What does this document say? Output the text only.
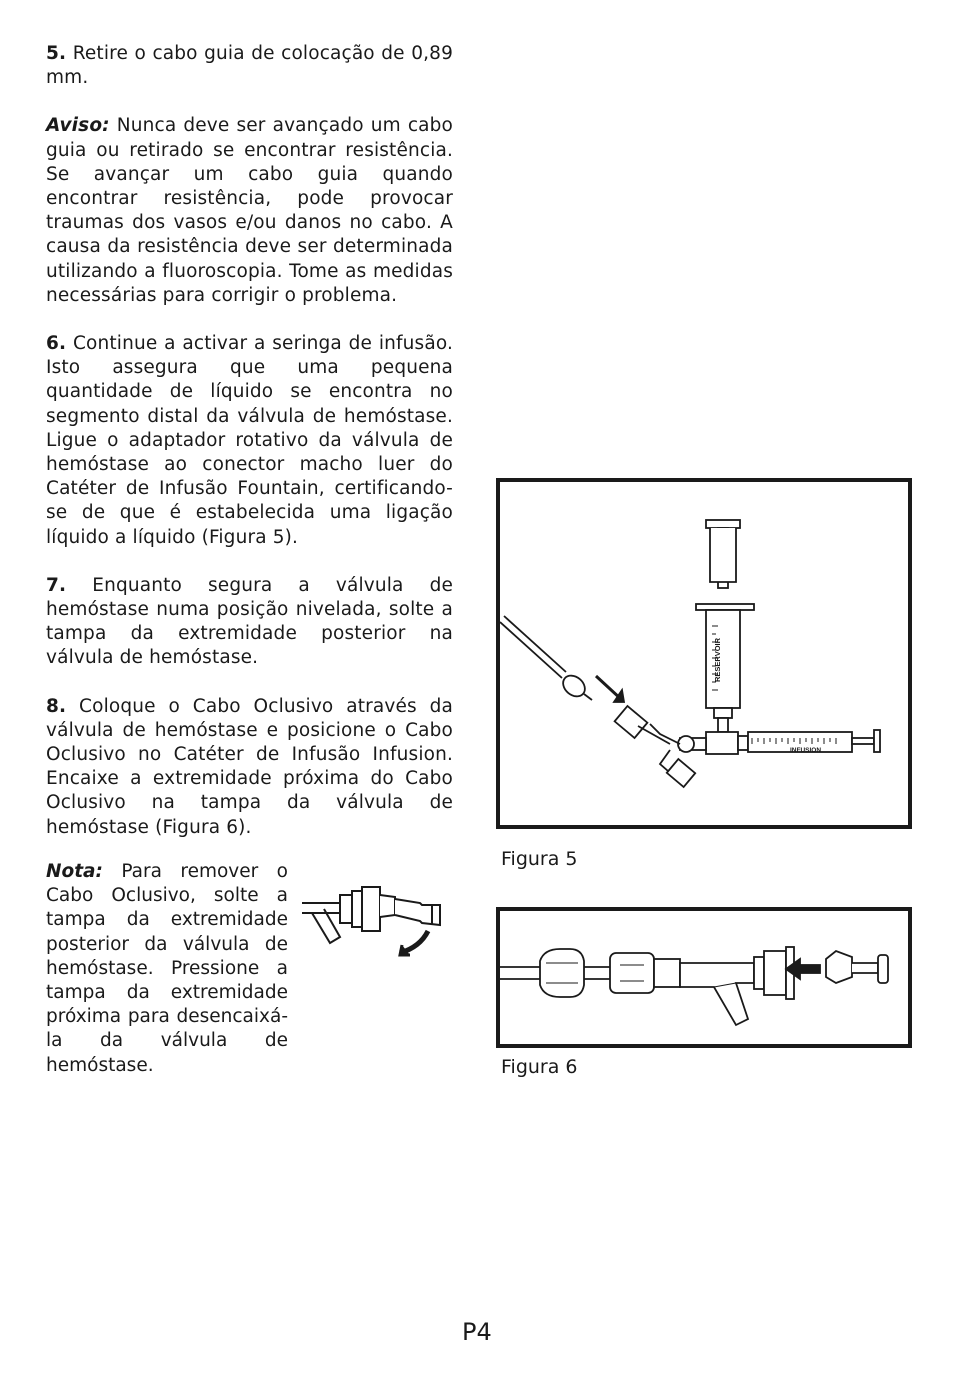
5. Retire o cabo guia de colocação de 0,89 mm.

Aviso: Nunca deve ser avançado um cabo guia ou retirado se encontrar resistência. Se avançar um cabo guia quando encontrar resistência, pode provocar traumas dos vasos e/ou danos no cabo. A causa da resistência deve ser determinada utilizando a fluoroscopia. Tome as medidas necessárias para corrigir o problema.

6. Continue a activar a seringa de infusão. Isto assegura que uma pequena quantidade de líquido se encontra no segmento distal da válvula de hemóstase. Ligue o adaptador rotativo da válvula de hemóstase ao conector macho luer do Catéter de Infusão Fountain, certificando-se de que é estabelecida uma ligação líquido a líquido (Figura 5).

7. Enquanto segura a válvula de hemóstase numa posição nivelada, solte a tampa da extremidade posterior na válvula de hemóstase.

8. Coloque o Cabo Oclusivo através da válvula de hemóstase e posicione o Cabo Oclusivo no Catéter de Infusão Infusion. Encaixe a extremidade próxima do Cabo Oclusivo na tampa da válvula de hemóstase (Figura 6).

Nota: Para remover o Cabo Oclusivo, solte a tampa da extremidade posterior da válvula de hemóstase. Pressione a tampa da extremidade próxima para desencaixá-la da válvula de hemóstase.
RESERVOIR
INFUSION
Figura 5
Figura 6
P4
